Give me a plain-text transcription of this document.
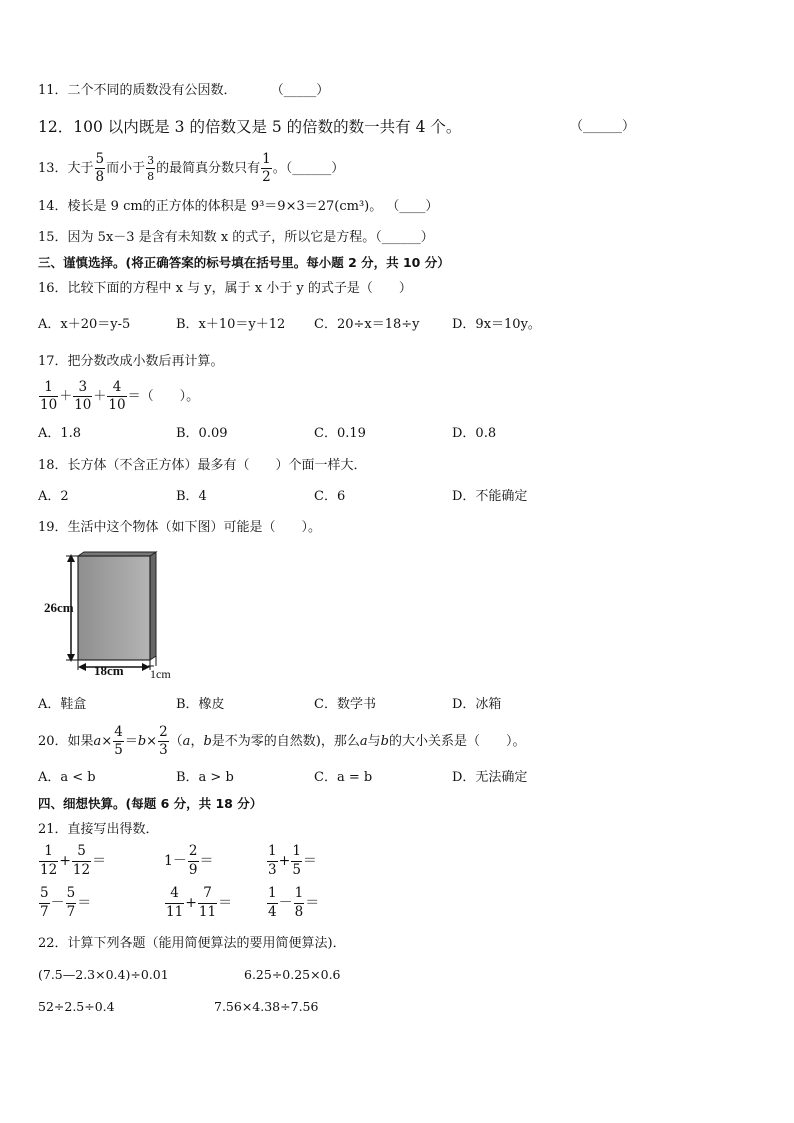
11．二个不同的质数没有公因数．	（_____）
12．100 以内既是 3 的倍数又是 5 的倍数的数一共有 4 个。	（______）
13．大于 $\frac{5}{8}$ 而小于 $\frac{3}{8}$ 的最简真分数只有 $\frac{1}{2}$ 。（______）
14．棱长是 9 cm的正方体的体积是 9³＝9×3＝27(cm³)。 （____）
15．因为 5x－3 是含有未知数 x 的式子，所以它是方程。（______）
三、谨慎选择。(将正确答案的标号填在括号里。每小题 2 分，共 10 分）
16．比较下面的方程中 x 与 y，属于 x 小于 y 的式子是（　　）
A．x＋20＝y-5	B．x＋10＝y＋12 C．20÷x＝18÷y	D．9x＝10y。
17．把分数改成小数后再计算。
$\frac{1}{10} + \frac{3}{10} + \frac{4}{10}$ ＝（　　）。
A．1.8	B．0.09	C．0.19	D．0.8
18．长方体（不含正方体）最多有（　　）个面一样大．
A．2	B．4	C．6	D．不能确定
19．生活中这个物体（如下图）可能是（　　）。
26cm
18cm 1cm
A．鞋盒	B．橡皮	C．数学书	D．冰箱
20．如果$a\times \frac{4}{5} =b\times \frac{2}{3} (a$，b是不为零的自然数)，那么a与b的大小关系是（　　）。
A．a < b	B．a > b	C．a = b	D．无法确定
四、细想快算。(每题 6 分，共 18 分）
21．直接写出得数．
$\frac{1}{12} + \frac{5}{12}$ ＝	$1- \frac{2}{9}$ ＝	$\frac{1}{3} + \frac{1}{5}$ ＝
$\frac{5}{7} - \frac{5}{7}$ ＝	$\frac{4}{11} + \frac{7}{11}$ ＝	$\frac{1}{4} - \frac{1}{8}$ ＝
22．计算下列各题（能用简便算法的要用简便算法)．
(7.5—2.3×0.4)÷0.01	6.25÷0.25×0.6
52÷2.5÷0.4	7.56×4.38÷7.56
